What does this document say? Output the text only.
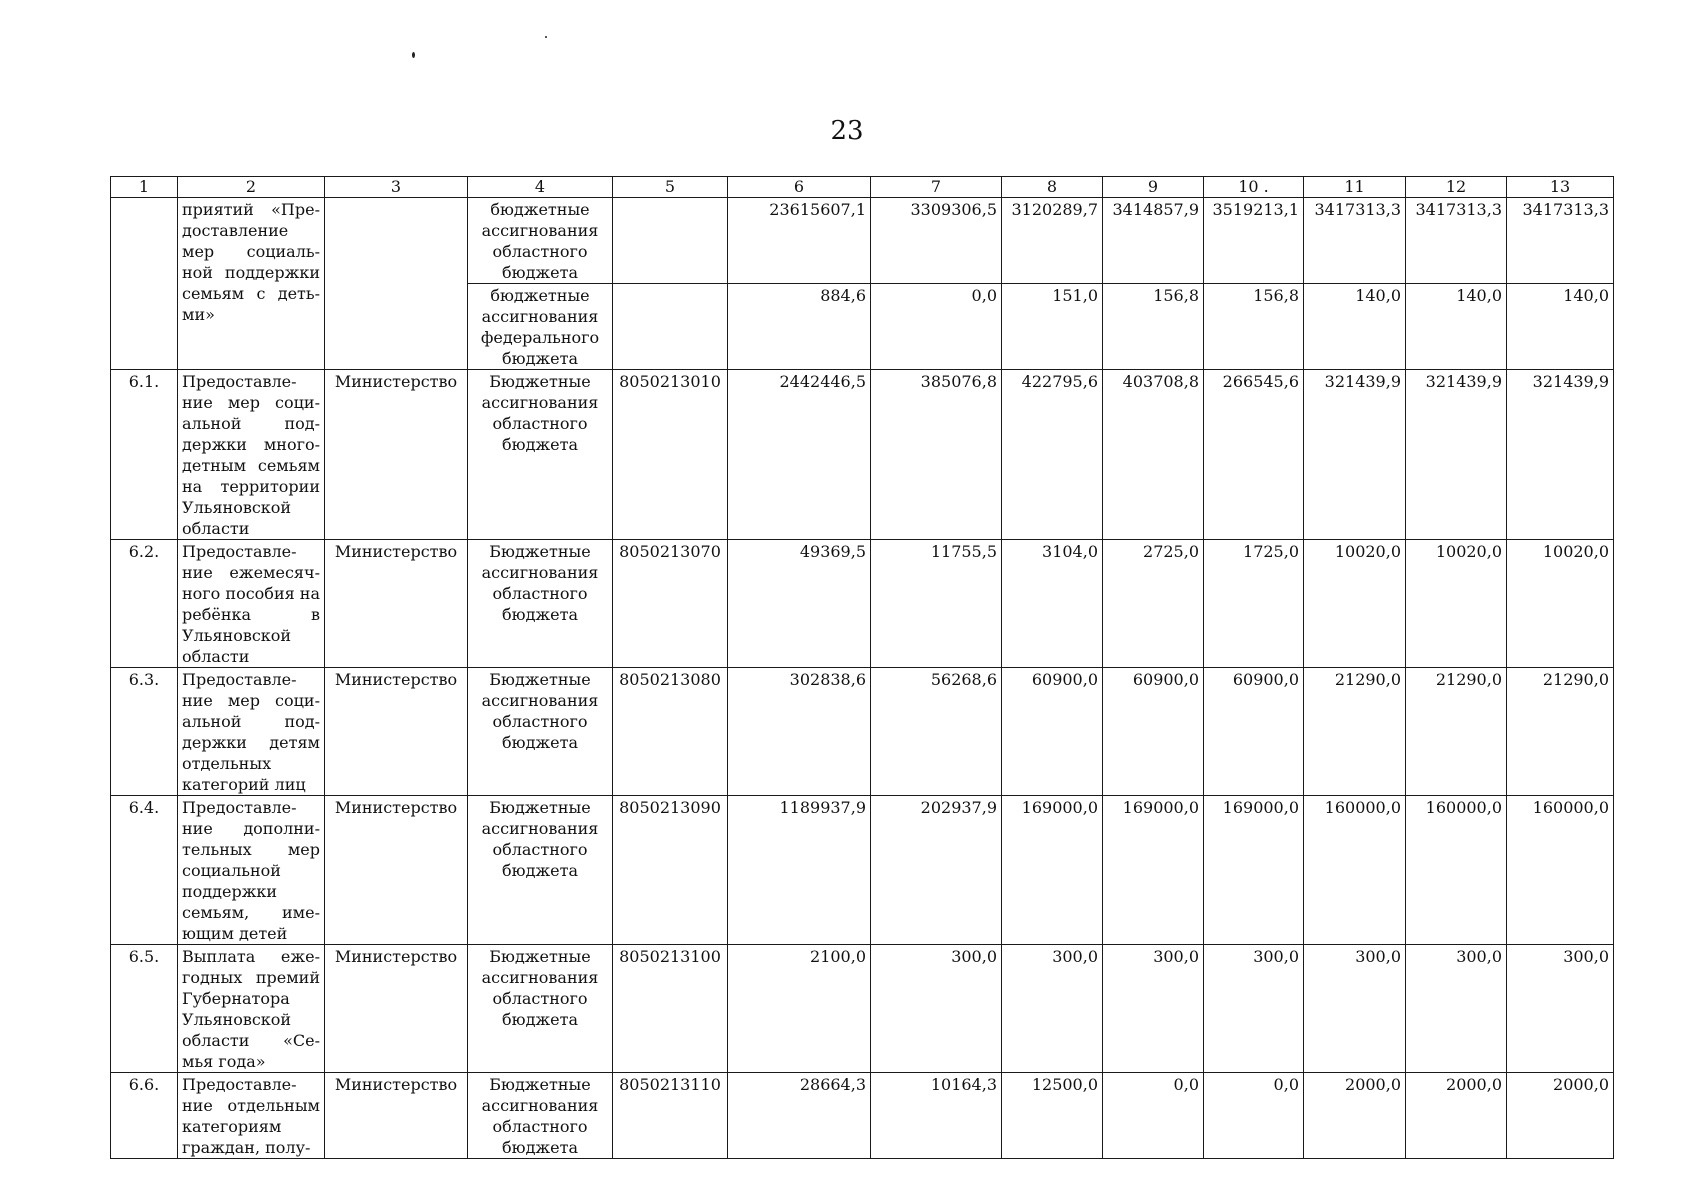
23
1	2	3	4	5	6	7	8	9	10 .	11	12	13
	приятий «Пре-доставление мер социаль-ной поддержки семьям с деть-ми»		бюджетные ассигнования областного бюджета		23615607,1	3309306,5	3120289,7	3414857,9	3519213,1	3417313,3	3417313,3	3417313,3
			бюджетные ассигнования федерального бюджета		884,6	0,0	151,0	156,8	156,8	140,0	140,0	140,0
6.1.	Предоставле-ние мер соци-альной под-держки много-детным семьям на территории Ульяновской области	Министерство	Бюджетные ассигнования областного бюджета	8050213010	2442446,5	385076,8	422795,6	403708,8	266545,6	321439,9	321439,9	321439,9
6.2.	Предоставле-ние ежемесяч-ного пособия на ребёнка в Ульяновской области	Министерство	Бюджетные ассигнования областного бюджета	8050213070	49369,5	11755,5	3104,0	2725,0	1725,0	10020,0	10020,0	10020,0
6.3.	Предоставле-ние мер соци-альной под-держки детям отдельных категорий лиц	Министерство	Бюджетные ассигнования областного бюджета	8050213080	302838,6	56268,6	60900,0	60900,0	60900,0	21290,0	21290,0	21290,0
6.4.	Предоставле-ние дополни-тельных мер социальной поддержки семьям, име-ющим детей	Министерство	Бюджетные ассигнования областного бюджета	8050213090	1189937,9	202937,9	169000,0	169000,0	169000,0	160000,0	160000,0	160000,0
6.5.	Выплата еже-годных премий Губернатора Ульяновской области «Се-мья года»	Министерство	Бюджетные ассигнования областного бюджета	8050213100	2100,0	300,0	300,0	300,0	300,0	300,0	300,0	300,0
6.6.	Предоставле-ние отдельным категориям граждан, полу-	Министерство	Бюджетные ассигнования областного бюджета	8050213110	28664,3	10164,3	12500,0	0,0	0,0	2000,0	2000,0	2000,0
